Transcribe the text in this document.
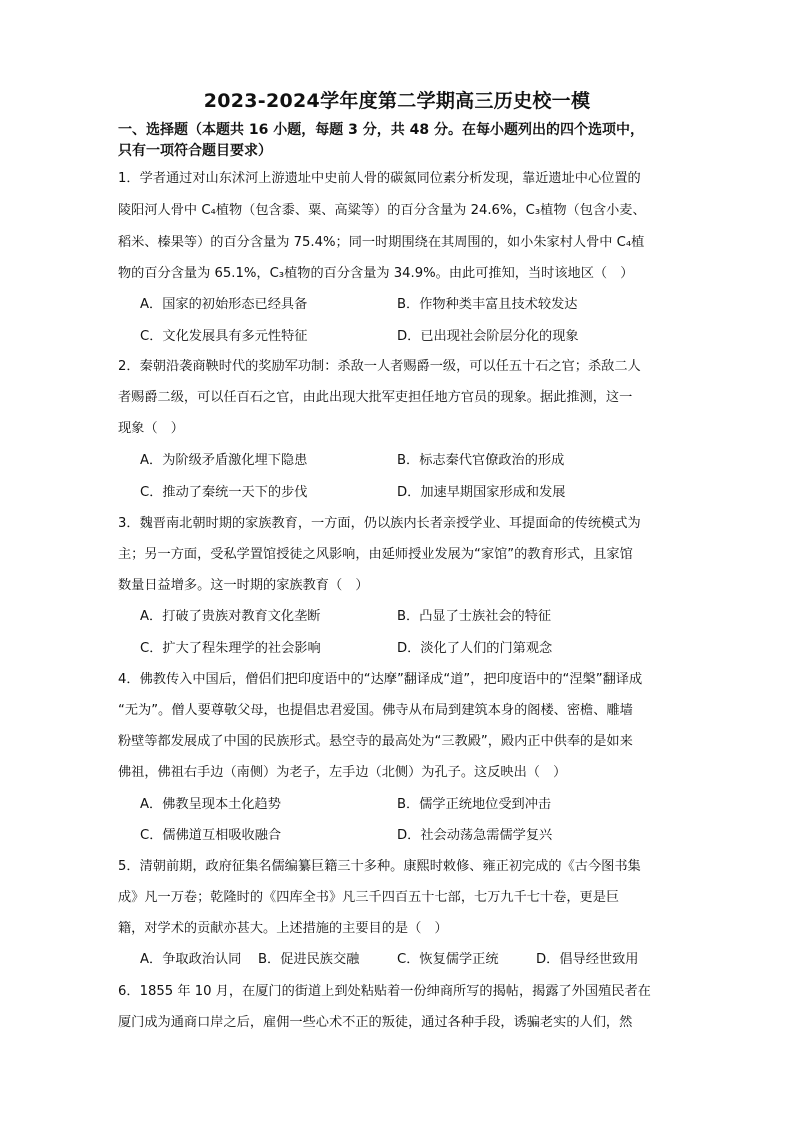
2023-2024学年度第二学期高三历史校一模
一、选择题（本题共 16 小题，每题 3 分，共 48 分。在每小题列出的四个选项中，
只有一项符合题目要求）
1．学者通过对山东沭河上游遗址中史前人骨的碳氮同位素分析发现，靠近遗址中心位置的
陵阳河人骨中 C₄植物（包含黍、粟、高粱等）的百分含量为 24.6%，C₃植物（包含小麦、
稻米、榛果等）的百分含量为 75.4%；同一时期围绕在其周围的，如小朱家村人骨中 C₄植
物的百分含量为 65.1%，C₃植物的百分含量为 34.9%。由此可推知，当时该地区（　）
A．国家的初始形态已经具备	B．作物种类丰富且技术较发达
C．文化发展具有多元性特征	D．已出现社会阶层分化的现象
2．秦朝沿袭商鞅时代的奖励军功制：杀敌一人者赐爵一级，可以任五十石之官；杀敌二人
者赐爵二级，可以任百石之官，由此出现大批军吏担任地方官员的现象。据此推测，这一
现象（　）
A．为阶级矛盾激化埋下隐患	B．标志秦代官僚政治的形成
C．推动了秦统一天下的步伐	D．加速早期国家形成和发展
3．魏晋南北朝时期的家族教育，一方面，仍以族内长者亲授学业、耳提面命的传统模式为
主；另一方面，受私学置馆授徒之风影响，由延师授业发展为“家馆”的教育形式，且家馆
数量日益增多。这一时期的家族教育（　）
A．打破了贵族对教育文化垄断	B．凸显了士族社会的特征
C．扩大了程朱理学的社会影响	D．淡化了人们的门第观念
4．佛教传入中国后，僧侣们把印度语中的“达摩”翻译成“道”，把印度语中的“涅槃”翻译成
“无为”。僧人要尊敬父母，也提倡忠君爱国。佛寺从布局到建筑本身的阁楼、密檐、雕墙
粉壁等都发展成了中国的民族形式。悬空寺的最高处为“三教殿”，殿内正中供奉的是如来
佛祖，佛祖右手边（南侧）为老子，左手边（北侧）为孔子。这反映出（　）
A．佛教呈现本土化趋势	B．儒学正统地位受到冲击
C．儒佛道互相吸收融合	D．社会动荡急需儒学复兴
5．清朝前期，政府征集名儒编纂巨籍三十多种。康熙时敕修、雍正初完成的《古今图书集
成》凡一万卷；乾隆时的《四库全书》凡三千四百五十七部，七万九千七十卷，更是巨
籍，对学术的贡献亦甚大。上述措施的主要目的是（　）
A．争取政治认同 B．促进民族交融	C．恢复儒学正统	D．倡导经世致用
6．1855 年 10 月，在厦门的街道上到处粘贴着一份绅商所写的揭帖，揭露了外国殖民者在
厦门成为通商口岸之后，雇佣一些心术不正的叛徒，通过各种手段，诱骗老实的人们，然
